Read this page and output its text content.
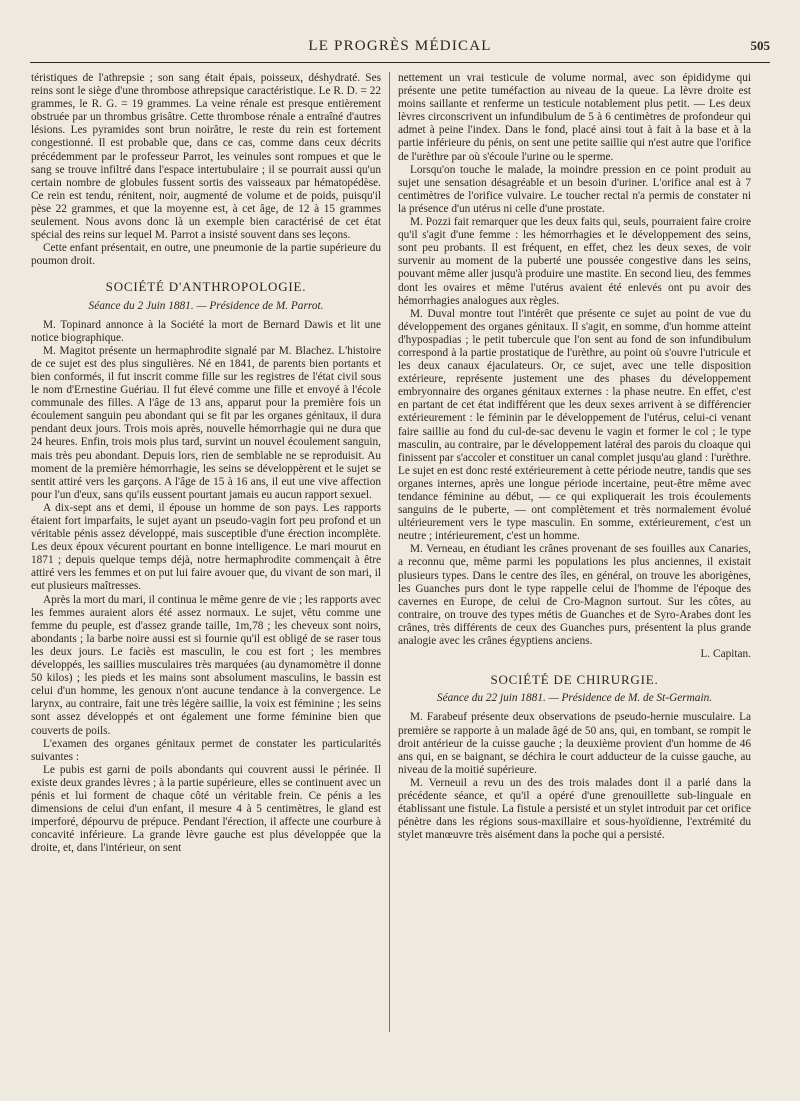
LE PROGRÈS MÉDICAL	505

téristiques de l'athrepsie ; son sang était épais, poisseux, déshydraté. Ses reins sont le siège d'une thrombose athrepsique caractéristique. Le R. D. = 22 grammes, le R. G. = 19 grammes. La veine rénale est presque entièrement obstruée par un thrombus grisâtre. Cette thrombose rénale a entraîné d'autres lésions. Les pyramides sont brun noirâtre, le reste du rein est fortement congestionné. Il est probable que, dans ce cas, comme dans ceux décrits précédemment par le professeur Parrot, les veinules sont rompues et que le sang se trouve infiltré dans l'espace intertubulaire ; il se pourrait aussi qu'un certain nombre de globules fussent sortis des vaisseaux par hématopédèse. Ce rein est tendu, rénitent, noir, augmenté de volume et de poids, puisqu'il pèse 22 grammes, et que la moyenne est, à cet âge, de 12 à 15 grammes seulement. Nous avons donc là un exemple bien caractérisé de cet état spécial des reins sur lequel M. Parrot a insisté souvent dans ses leçons.

Cette enfant présentait, en outre, une pneumonie de la partie supérieure du poumon droit.

SOCIÉTÉ D'ANTHROPOLOGIE.

Séance du 2 Juin 1881. — Présidence de M. Parrot.

M. Topinard annonce à la Société la mort de Bernard Dawis et lit une notice biographique.

M. Magitot présente un hermaphrodite signalé par M. Blachez. L'histoire de ce sujet est des plus singulières. Né en 1841, de parents bien portants et bien conformés, il fut inscrit comme fille sur les registres de l'état civil sous le nom d'Ernestine Guériau. Il fut élevé comme une fille et envoyé à l'école communale des filles. A l'âge de 13 ans, apparut pour la première fois un écoulement sanguin peu abondant qui se fit par les organes génitaux, il dura pendant deux jours. Trois mois après, nouvelle hémorrhagie qui ne dura que 24 heures. Enfin, trois mois plus tard, survint un nouvel écoulement sanguin, mais très peu abondant. Depuis lors, rien de semblable ne se reproduisit. Au moment de la première hémorrhagie, les seins se développèrent et le sujet se sentit attiré vers les garçons. A l'âge de 15 à 16 ans, il eut une vive affection pour l'un d'eux, sans qu'ils eussent pourtant jamais eu aucun rapport sexuel.

A dix-sept ans et demi, il épouse un homme de son pays. Les rapports étaient fort imparfaits, le sujet ayant un pseudo-vagin fort peu profond et un véritable pénis assez développé, mais susceptible d'une érection incomplète. Les deux époux vécurent pourtant en bonne intelligence. Le mari mourut en 1871 ; depuis quelque temps déjà, notre hermaphrodite commençait à être attiré vers les femmes et on put lui faire avouer que, du vivant de son mari, il eut plusieurs maîtresses.

Après la mort du mari, il continua le même genre de vie ; les rapports avec les femmes auraient alors été assez normaux. Le sujet, vêtu comme une femme du peuple, est d'assez grande taille, 1m,78 ; les cheveux sont noirs, abondants ; la barbe noire aussi est si fournie qu'il est obligé de se raser tous les deux jours. Le faciès est masculin, le cou est fort ; les membres développés, les saillies musculaires très marquées (au dynamomètre il donne 50 kilos) ; les pieds et les mains sont absolument masculins, le bassin est celui d'un homme, les genoux n'ont aucune tendance à la convergence. Le larynx, au contraire, fait une très légère saillie, la voix est féminine ; les seins sont assez développés et ont également une forme féminine bien que couverts de poils.

L'examen des organes génitaux permet de constater les particularités suivantes :

Le pubis est garni de poils abondants qui couvrent aussi le périnée. Il existe deux grandes lèvres ; à la partie supérieure, elles se continuent avec un pénis et lui forment de chaque côté un véritable frein. Ce pénis a les dimensions de celui d'un enfant, il mesure 4 à 5 centimètres, le gland est imperforé, dépourvu de prépuce. Pendant l'érection, il affecte une courbure à concavité inférieure. La grande lèvre gauche est plus développée que la droite, et, dans l'intérieur, on sent

nettement un vrai testicule de volume normal, avec son épididyme qui présente une petite tuméfaction au niveau de la queue. La lèvre droite est moins saillante et renferme un testicule notablement plus petit. — Les deux lèvres circonscrivent un infundibulum de 5 à 6 centimètres de profondeur qui admet à peine l'index. Dans le fond, placé ainsi tout à fait à la base et à la partie inférieure du pénis, on sent une petite saillie qui n'est autre que l'orifice de l'urèthre par où s'écoule l'urine ou le sperme.

Lorsqu'on touche le malade, la moindre pression en ce point produit au sujet une sensation désagréable et un besoin d'uriner. L'orifice anal est à 7 centimètres de l'orifice vulvaire. Le toucher rectal n'a permis de constater ni la présence d'un utérus ni celle d'une prostate.

M. Pozzi fait remarquer que les deux faits qui, seuls, pourraient faire croire qu'il s'agit d'une femme : les hémorrhagies et le développement des seins, sont peu probants. Il est fréquent, en effet, chez les deux sexes, de voir survenir au moment de la puberté une poussée congestive dans les seins, pouvant même aller jusqu'à produire une mastite. En second lieu, des femmes dont les ovaires et même l'utérus avaient été enlevés ont pu avoir des hémorrhagies analogues aux règles.

M. Duval montre tout l'intérêt que présente ce sujet au point de vue du développement des organes génitaux. Il s'agit, en somme, d'un homme atteint d'hypospadias ; le petit tubercule que l'on sent au fond de son infundibulum correspond à la partie prostatique de l'urèthre, au point où s'ouvre l'utricule et les deux canaux éjaculateurs. Or, ce sujet, avec une telle disposition extérieure, représente justement une des phases du développement embryonnaire des organes génitaux externes : la phase neutre. En effet, c'est en partant de cet état indifférent que les deux sexes arrivent à se différencier extérieurement : le féminin par le développement de l'utérus, celui-ci venant faire saillie au fond du cul-de-sac devenu le vagin et former le col ; le type masculin, au contraire, par le développement latéral des parois du cloaque qui finissent par s'accoler et constituer un canal complet jusqu'au gland : l'urèthre. Le sujet en est donc resté extérieurement à cette période neutre, tandis que ses organes internes, après une longue période incertaine, peut-être même avec tendance féminine au début, — ce qui expliquerait les trois écoulements sanguins de le puberte, — ont complètement et très normalement évolué ultérieurement vers le type masculin. En somme, extérieurement, c'est un neutre ; intérieurement, c'est un homme.

M. Verneau, en étudiant les crânes provenant de ses fouilles aux Canaries, a reconnu que, même parmi les populations les plus anciennes, il existait plusieurs types. Dans le centre des îles, en général, on trouve les aborigènes, les Guanches purs dont le type rappelle celui de l'homme de l'époque des cavernes en Europe, de celui de Cro-Magnon surtout. Sur les côtes, au contraire, on trouve des types métis de Guanches et de Syro-Arabes dont les crânes, très différents de ceux des Guanches purs, présentent la plus grande analogie avec les crânes égyptiens anciens.

L. Capitan.

SOCIÉTÉ DE CHIRURGIE.

Séance du 22 juin 1881. — Présidence de M. de St-Germain.

M. Farabeuf présente deux observations de pseudo-hernie musculaire. La première se rapporte à un malade âgé de 50 ans, qui, en tombant, se rompit le droit antérieur de la cuisse gauche ; la deuxième provient d'un homme de 46 ans qui, en se baignant, se déchira le court adducteur de la cuisse gauche, au niveau de la moitié supérieure.

M. Verneuil a revu un des des trois malades dont il a parlé dans la précédente séance, et qu'il a opéré d'une grenouillette sub-linguale en établissant une fistule. La fistule a persisté et un stylet introduit par cet orifice pénètre dans les régions sous-maxillaire et sous-hyoïdienne, l'extrémité du stylet manœuvre très aisément dans la poche qui a persisté.
